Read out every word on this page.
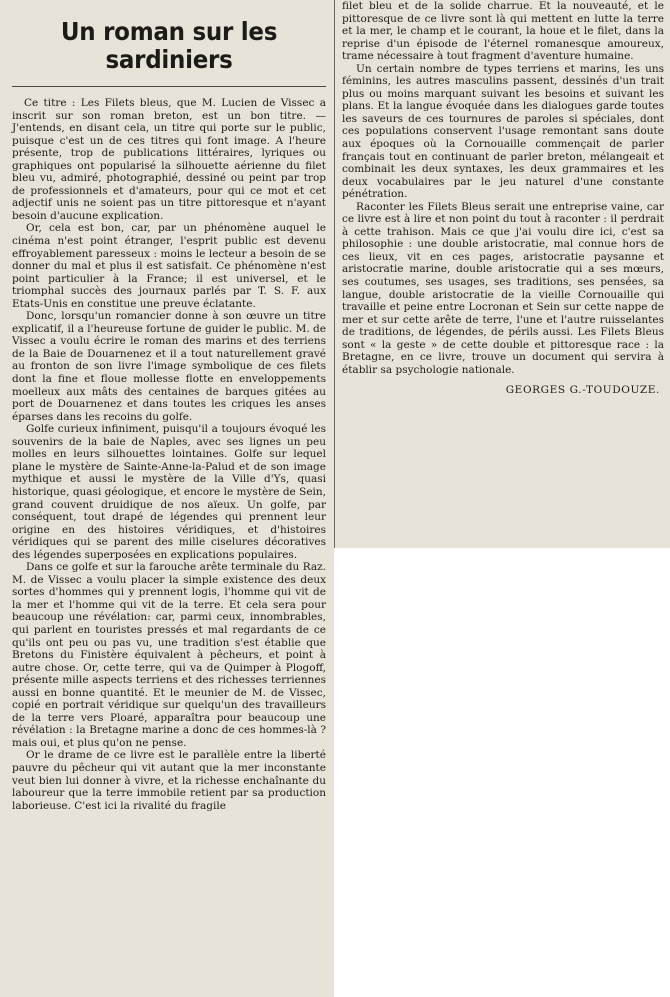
Un roman sur les sardiniers

Ce titre : Les Filets bleus, que M. Lucien de Vissec a inscrit sur son roman breton, est un bon titre. — J'entends, en disant cela, un titre qui porte sur le public, puisque c'est un de ces titres qui font image. A l'heure présente, trop de publications littéraires, lyriques ou graphiques ont popularisé la silhouette aérienne du filet bleu vu, admiré, photographié, dessiné ou peint par trop de professionnels et d'amateurs, pour qui ce mot et cet adjectif unis ne soient pas un titre pittoresque et n'ayant besoin d'aucune explication.

Or, cela est bon, car, par un phénomène auquel le cinéma n'est point étranger, l'esprit public est devenu effroyablement paresseux : moins le lecteur a besoin de se donner du mal et plus il est satisfait. Ce phénomène n'est point particulier à la France; il est universel, et le triomphal succès des journaux parlés par T. S. F. aux Etats-Unis en constitue une preuve éclatante.

Donc, lorsqu'un romancier donne à son œuvre un titre explicatif, il a l'heureuse fortune de guider le public. M. de Vissec a voulu écrire le roman des marins et des terriens de la Baie de Douarnenez et il a tout naturellement gravé au fronton de son livre l'image symbolique de ces filets dont la fine et floue mollesse flotte en enveloppements moelleux aux mâts des centaines de barques gitées au port de Douarnenez et dans toutes les criques les anses éparses dans les recoins du golfe.

Golfe curieux infiniment, puisqu'il a toujours évoqué les souvenirs de la baie de Naples, avec ses lignes un peu molles en leurs silhouettes lointaines. Golfe sur lequel plane le mystère de Sainte-Anne-la-Palud et de son image mythique et aussi le mystère de la Ville d'Ys, quasi historique, quasi géologique, et encore le mystère de Sein, grand couvent druidique de nos aïeux. Un golfe, par conséquent, tout drapé de légendes qui prennent leur origine en des histoires véridiques, et d'histoires véridiques qui se parent des mille ciselures décoratives des légendes superposées en explications populaires.

Dans ce golfe et sur la farouche arête terminale du Raz. M. de Vissec a voulu placer la simple existence des deux sortes d'hommes qui y prennent logis, l'homme qui vit de la mer et l'homme qui vit de la terre. Et cela sera pour beaucoup une révélation: car, parmi ceux, innombrables, qui parlent en touristes pressés et mal regardants de ce qu'ils ont peu ou pas vu, une tradition s'est établie que Bretons du Finistère équivalent à pêcheurs, et point à autre chose. Or, cette terre, qui va de Quimper à Plogoff, présente mille aspects terriens et des richesses terriennes aussi en bonne quantité. Et le meunier de M. de Vissec, copié en portrait véridique sur quelqu'un des travailleurs de la terre vers Ploaré, apparaîtra pour beaucoup une révélation : la Bretagne marine a donc de ces hommes-là ? mais oui, et plus qu'on ne pense.

Or le drame de ce livre est le parallèle entre la liberté pauvre du pêcheur qui vit autant que la mer inconstante veut bien lui donner à vivre, et la richesse enchaînante du laboureur que la terre immobile retient par sa production laborieuse. C'est ici la rivalité du fragile

filet bleu et de la solide charrue. Et la nouveauté, et le pittoresque de ce livre sont là qui mettent en lutte la terre et la mer, le champ et le courant, la houe et le filet, dans la reprise d'un épisode de l'éternel romanesque amoureux, trame nécessaire à tout fragment d'aventure humaine.

Un certain nombre de types terriens et marins, les uns féminins, les autres masculins passent, dessinés d'un trait plus ou moins marquant suivant les besoins et suivant les plans. Et la langue évoquée dans les dialogues garde toutes les saveurs de ces tournures de paroles si spéciales, dont ces populations conservent l'usage remontant sans doute aux époques où la Cornouaille commençait de parler français tout en continuant de parler breton, mélangeait et combinait les deux syntaxes, les deux grammaires et les deux vocabulaires par le jeu naturel d'une constante pénétration.

Raconter les Filets Bleus serait une entreprise vaine, car ce livre est à lire et non point du tout à raconter : il perdrait à cette trahison. Mais ce que j'ai voulu dire ici, c'est sa philosophie : une double aristocratie, mal connue hors de ces lieux, vit en ces pages, aristocratie paysanne et aristocratie marine, double aristocratie qui a ses mœurs, ses coutumes, ses usages, ses traditions, ses pensées, sa langue, double aristocratie de la vieille Cornouaille qui travaille et peine entre Locronan et Sein sur cette nappe de mer et sur cette arête de terre, l'une et l'autre ruisselantes de traditions, de légendes, de périls aussi. Les Filets Bleus sont « la geste » de cette double et pittoresque race : la Bretagne, en ce livre, trouve un document qui servira à établir sa psychologie nationale.

GEORGES G.-TOUDOUZE.
